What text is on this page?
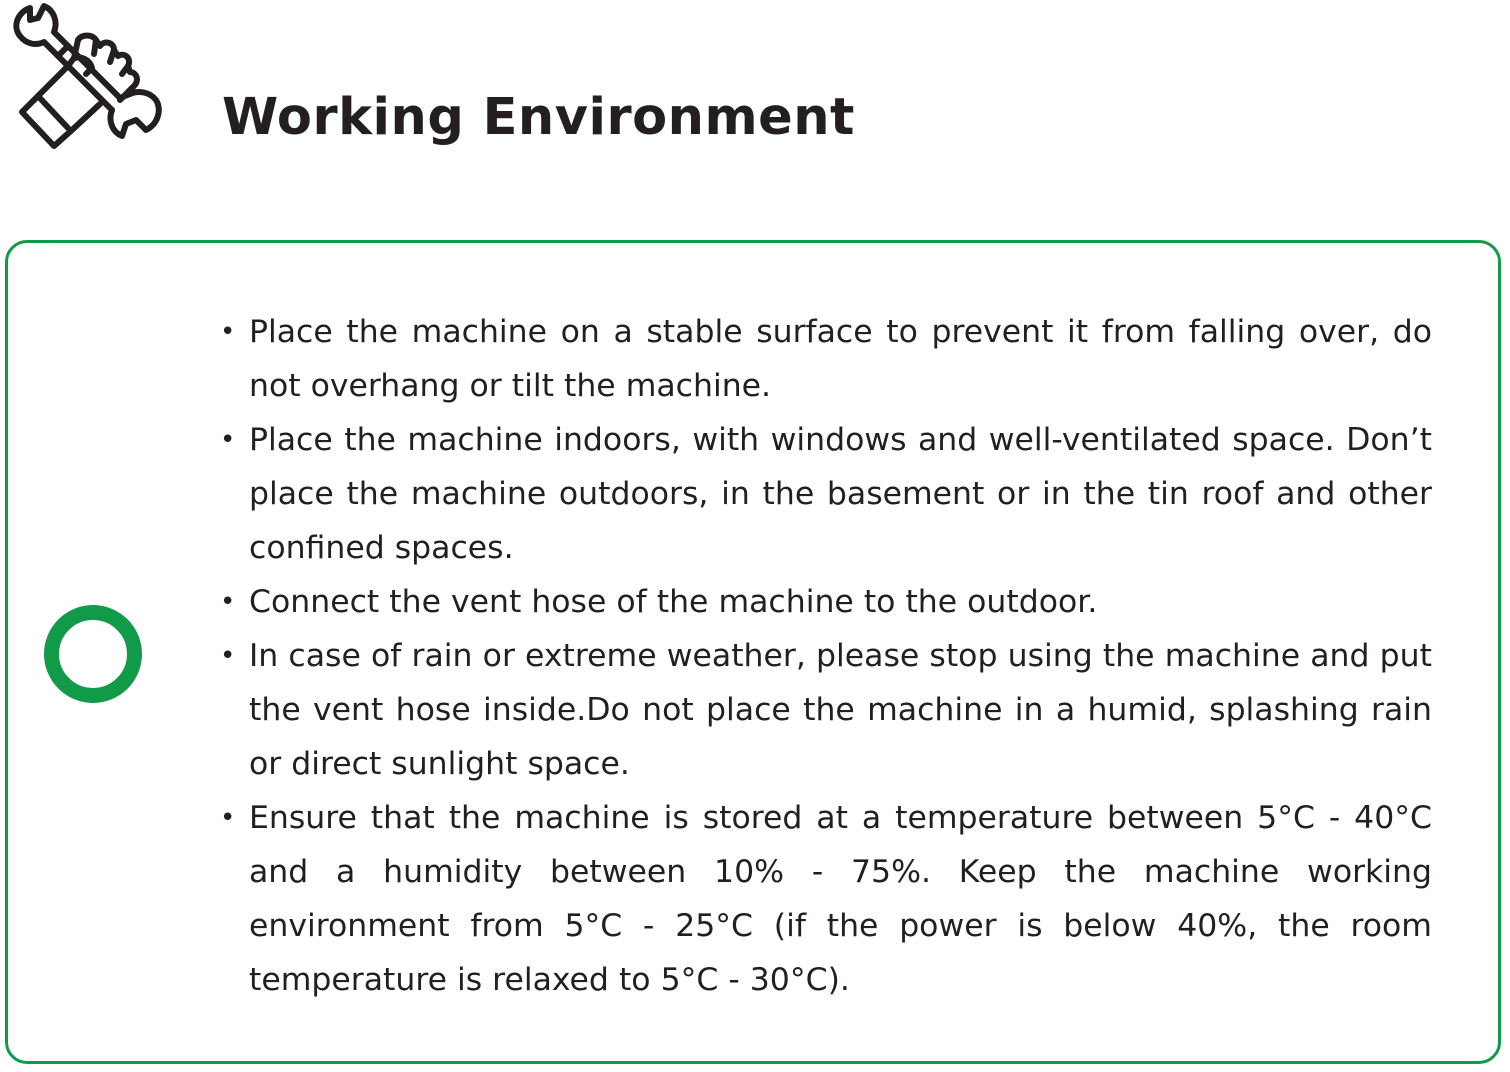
Working Environment
• Place the machine on a stable surface to prevent it from falling over, do not overhang or tilt the machine.
• Place the machine indoors, with windows and well-ventilated space. Don’t place the machine outdoors, in the basement or in the tin roof and other confined spaces.
• Connect the vent hose of the machine to the outdoor.
• In case of rain or extreme weather, please stop using the machine and put the vent hose inside.Do not place the machine in a humid, splashing rain or direct sunlight space.
• Ensure that the machine is stored at a temperature between 5°C - 40°C and a humidity between 10% - 75%. Keep the machine working environment from 5°C - 25°C (if the power is below 40%, the room temperature is relaxed to 5°C - 30°C).
